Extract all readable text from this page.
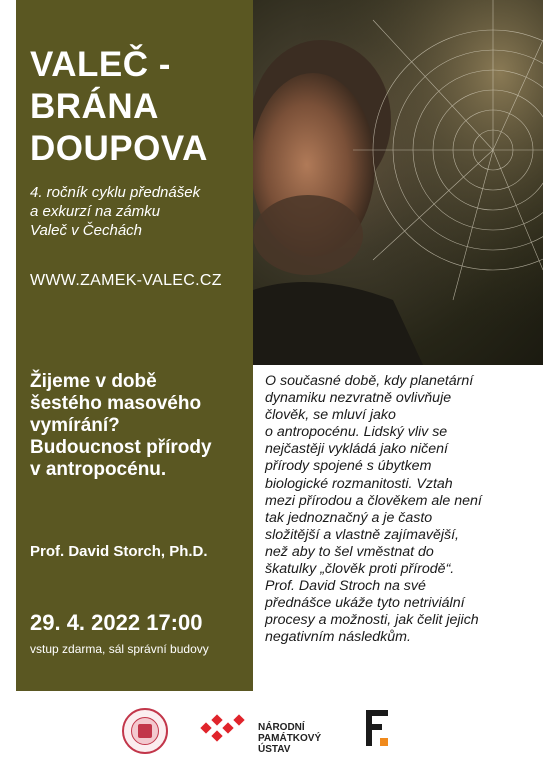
VALEČ -
BRÁNA
DOUPOVA
4. ročník cyklu přednášek
a exkurzí na zámku
Valeč v Čechách
WWW.ZAMEK-VALEC.CZ
Žijeme v době
šestého masového
vymírání?
Budoucnost přírody
v antropocénu.
Prof. David Storch, Ph.D.
29. 4. 2022 17:00
vstup zdarma, sál správní budovy
O současné době, kdy planetární
dynamiku nezvratně ovlivňuje
člověk, se mluví jako
o antropocénu. Lidský vliv se
nejčastěji vykládá jako ničení
přírody spojené s úbytkem
biologické rozmanitosti. Vztah
mezi přírodou a člověkem ale není
tak jednoznačný a je často
složitější a vlastně zajímavější,
než aby to šel vměstnat do
škatulky „člověk proti přírodě“.
Prof. David Stroch na své
přednášce ukáže tyto netriviální
procesy a možnosti, jak čelit jejich
negativním následkům.
NÁRODNÍ
PAMÁTKOVÝ
ÚSTAV
